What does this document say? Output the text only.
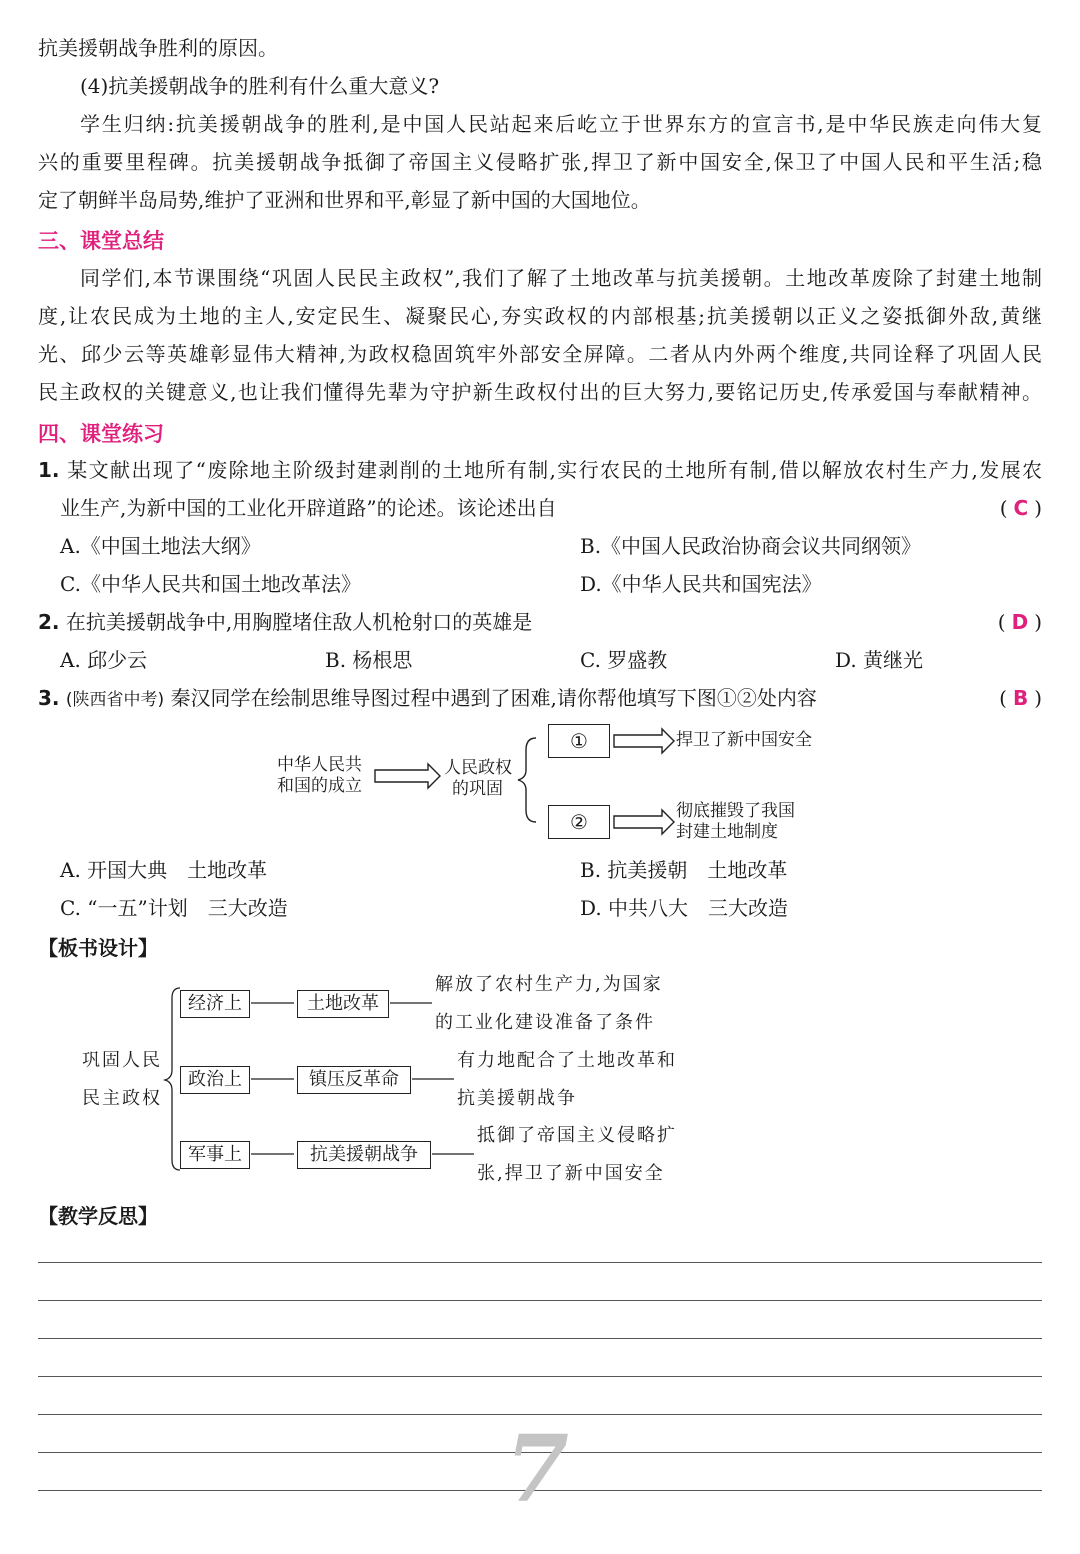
抗美援朝战争胜利的原因。
(4)抗美援朝战争的胜利有什么重大意义?
学生归纳:抗美援朝战争的胜利,是中国人民站起来后屹立于世界东方的宣言书,是中华民族走向伟大复
兴的重要里程碑。抗美援朝战争抵御了帝国主义侵略扩张,捍卫了新中国安全,保卫了中国人民和平生活;稳
定了朝鲜半岛局势,维护了亚洲和世界和平,彰显了新中国的大国地位。
三、课堂总结
同学们,本节课围绕“巩固人民民主政权”,我们了解了土地改革与抗美援朝。土地改革废除了封建土地制
度,让农民成为土地的主人,安定民生、凝聚民心,夯实政权的内部根基;抗美援朝以正义之姿抵御外敌,黄继
光、邱少云等英雄彰显伟大精神,为政权稳固筑牢外部安全屏障。二者从内外两个维度,共同诠释了巩固人民
民主政权的关键意义,也让我们懂得先辈为守护新生政权付出的巨大努力,要铭记历史,传承爱国与奉献精神。
四、课堂练习
1. 某文献出现了“废除地主阶级封建剥削的土地所有制,实行农民的土地所有制,借以解放农村生产力,发展农
业生产,为新中国的工业化开辟道路”的论述。该论述出自	( C )
A.《中国土地法大纲》	B.《中国人民政治协商会议共同纲领》
C.《中华人民共和国土地改革法》	D.《中华人民共和国宪法》
2. 在抗美援朝战争中,用胸膛堵住敌人机枪射口的英雄是	( D )
A. 邱少云	B. 杨根思	C. 罗盛教	D. 黄继光
3. (陕西省中考) 秦汉同学在绘制思维导图过程中遇到了困难,请你帮他填写下图①②处内容	( B )
中华人民共
和国的成立
人民政权
的巩固
①
②
捍卫了新中国安全
彻底摧毁了我国
封建土地制度
A. 开国大典　土地改革	B. 抗美援朝　土地改革
C. “一五”计划　三大改造	D. 中共八大　三大改造
【板书设计】
巩固人民
民主政权
经济上	土地改革
解放了农村生产力,为国家
的工业化建设准备了条件
政治上	镇压反革命
有力地配合了土地改革和
抗美援朝战争
军事上	抗美援朝战争
抵御了帝国主义侵略扩
张,捍卫了新中国安全
【教学反思】
7
